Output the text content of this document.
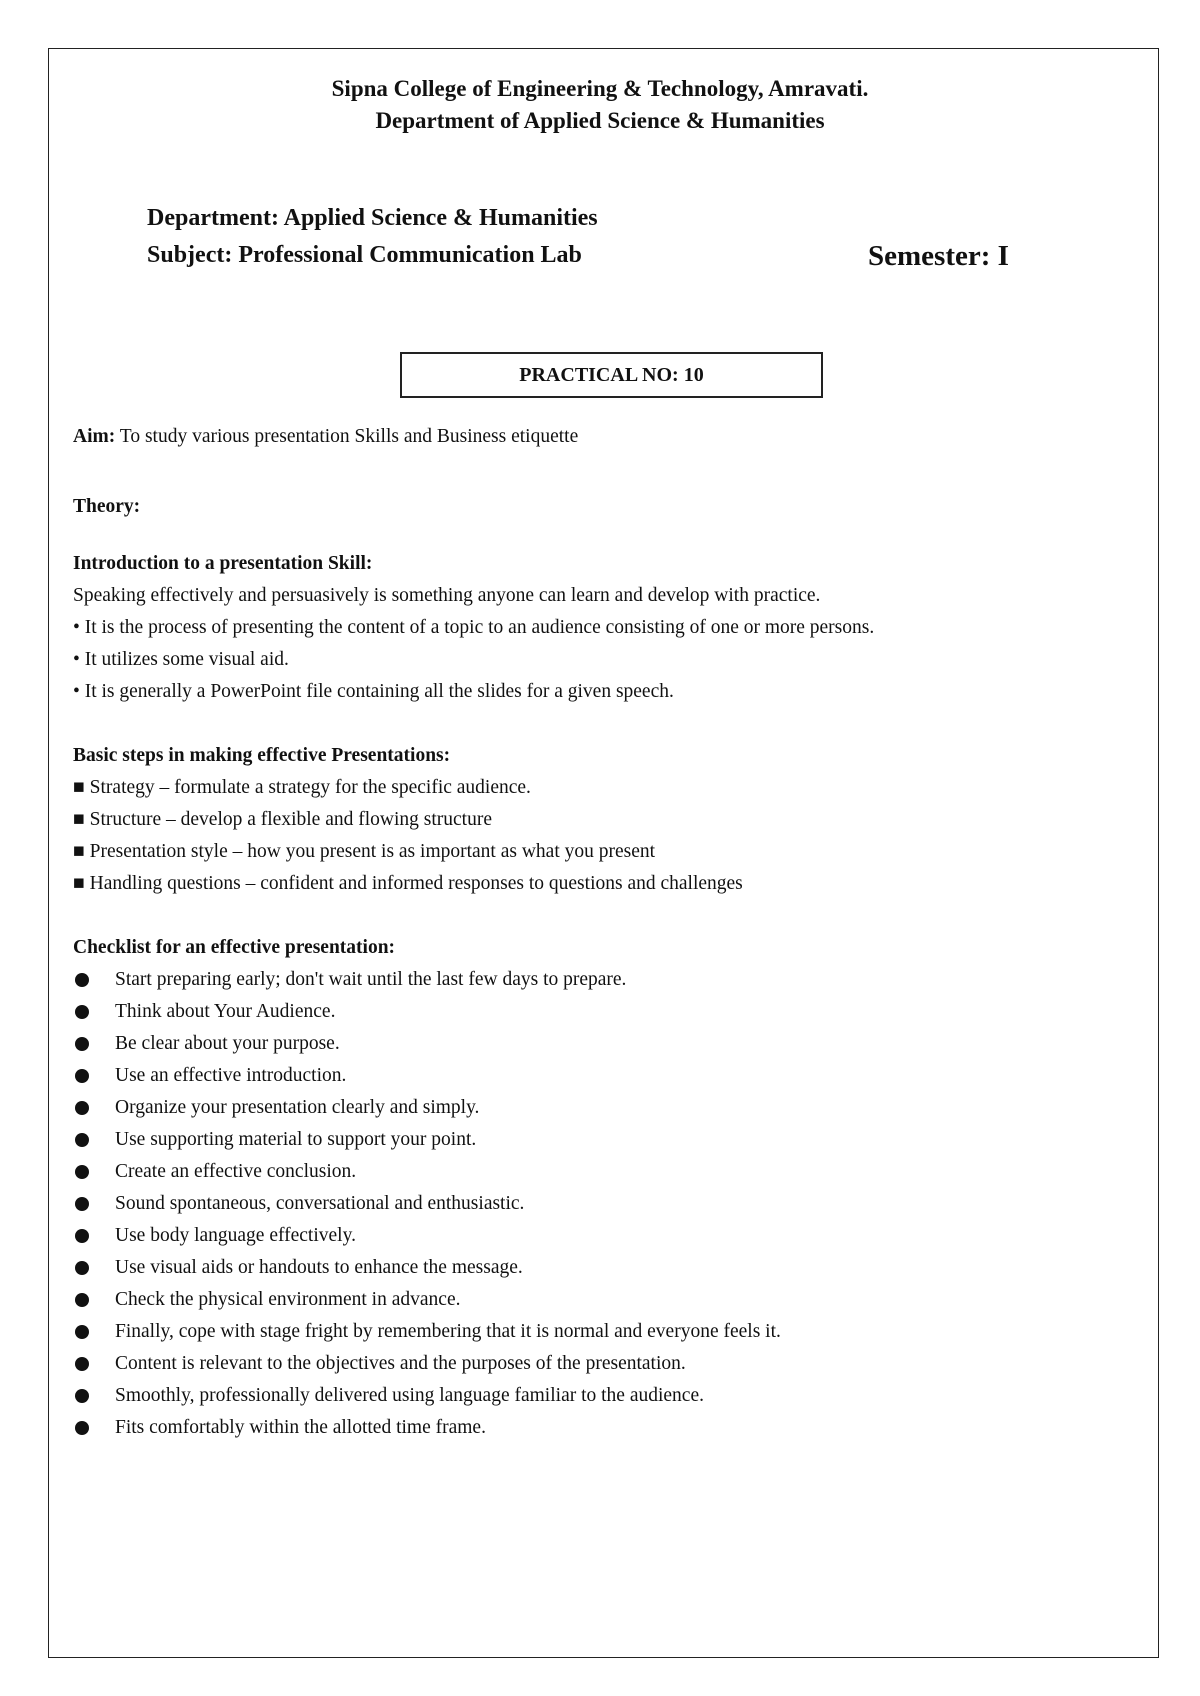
Sipna College of Engineering & Technology, Amravati.
Department of Applied Science & Humanities
Department: Applied Science & Humanities
Subject: Professional Communication Lab	Semester: I
PRACTICAL NO: 10
Aim: To study various presentation Skills and Business etiquette
Theory:
Introduction to a presentation Skill:
Speaking effectively and persuasively is something anyone can learn and develop with practice.
• It is the process of presenting the content of a topic to an audience consisting of one or more persons.
• It utilizes some visual aid.
• It is generally a PowerPoint file containing all the slides for a given speech.
Basic steps in making effective Presentations:
■ Strategy – formulate a strategy for the specific audience.
■ Structure – develop a flexible and flowing structure
■ Presentation style – how you present is as important as what you present
■ Handling questions – confident and informed responses to questions and challenges
Checklist for an effective presentation:
Start preparing early; don't wait until the last few days to prepare.
Think about Your Audience.
Be clear about your purpose.
Use an effective introduction.
Organize your presentation clearly and simply.
Use supporting material to support your point.
Create an effective conclusion.
Sound spontaneous, conversational and enthusiastic.
Use body language effectively.
Use visual aids or handouts to enhance the message.
Check the physical environment in advance.
Finally, cope with stage fright by remembering that it is normal and everyone feels it.
Content is relevant to the objectives and the purposes of the presentation.
Smoothly, professionally delivered using language familiar to the audience.
Fits comfortably within the allotted time frame.
